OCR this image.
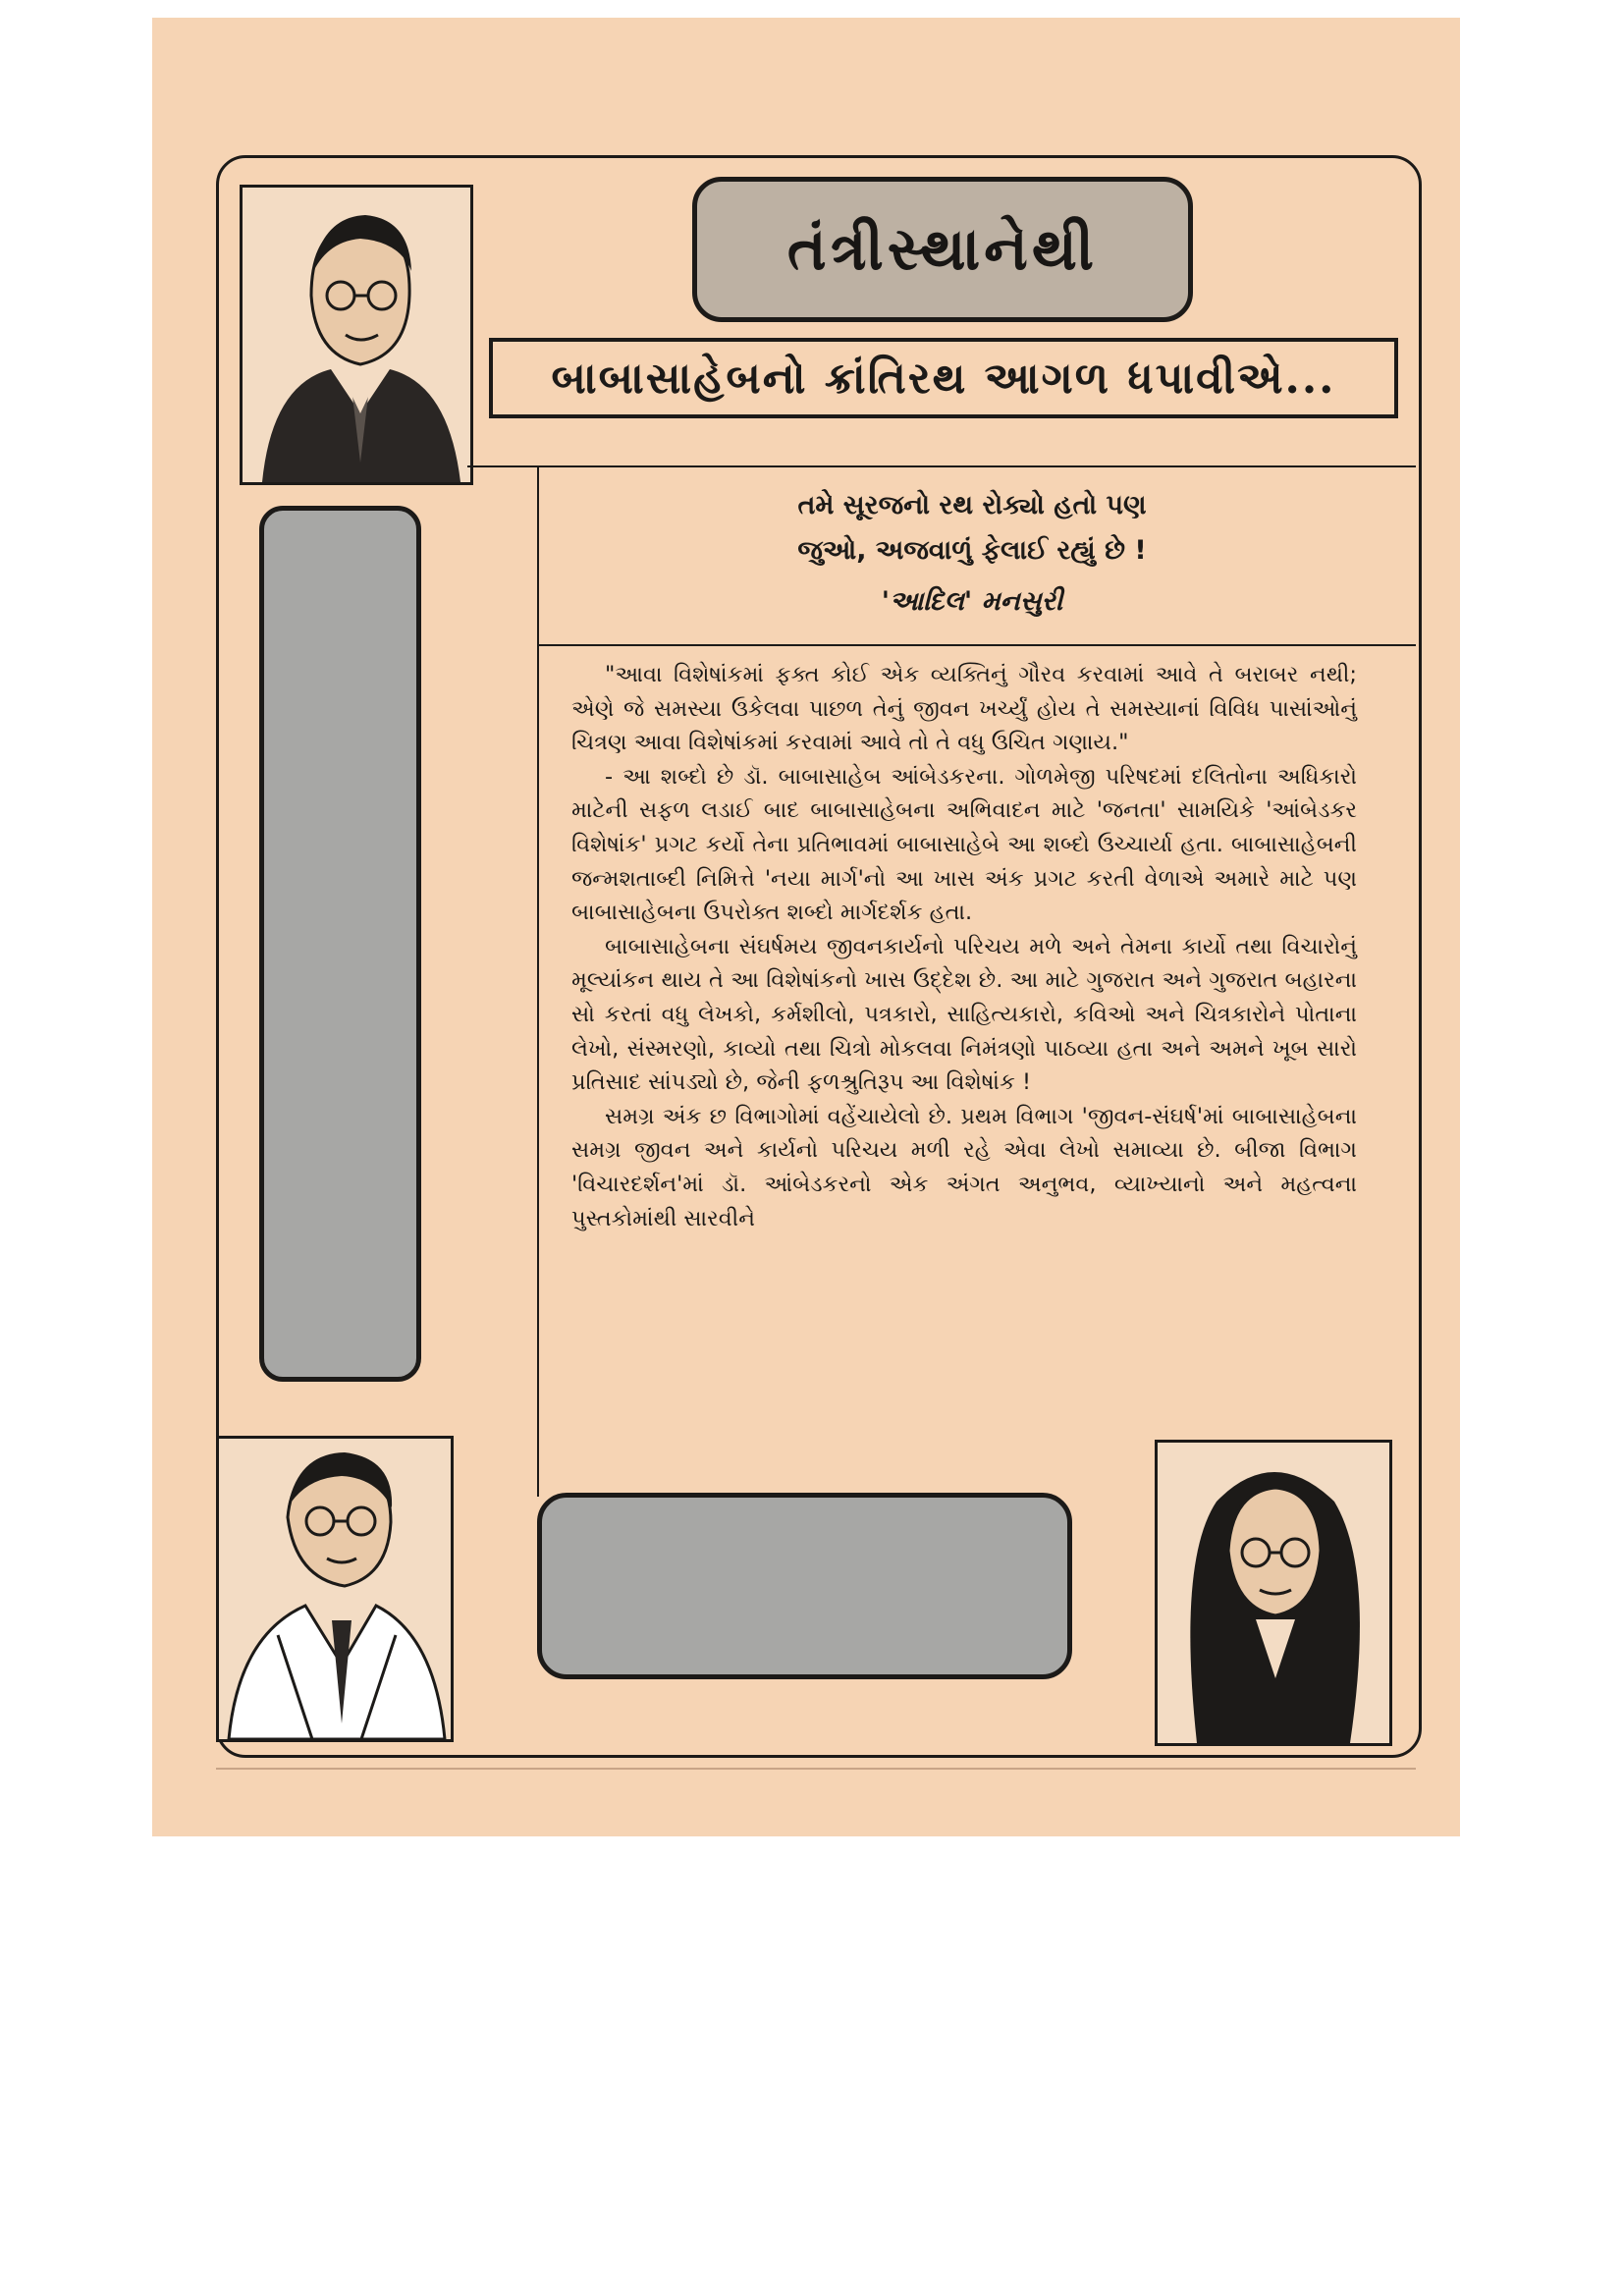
તંત્રીસ્થાનેથી
બાબાસાહેબનો ક્રાંતિરથ આગળ ધપાવીએ...
તમે સૂરજનો રથ રોક્યો હતો પણ
જુઓ, અજવાળું ફેલાઈ રહ્યું છે !
'આદિલ' મનસુરી

"આવા વિશેષાંકમાં ફક્ત કોઈ એક વ્યક્તિનું ગૌરવ કરવામાં આવે તે બરાબર નથી; એણે જે સમસ્યા ઉકેલવા પાછળ તેનું જીવન ખર્ચ્યું હોય તે સમસ્યાનાં વિવિધ પાસાંઓનું ચિત્રણ આવા વિશેષાંકમાં કરવામાં આવે તો તે વધુ ઉચિત ગણાય."

- આ શબ્દો છે ડૉ. બાબાસાહેબ આંબેડકરના. ગોળમેજી પરિષદમાં દલિતોના અધિકારો માટેની સફળ લડાઈ બાદ બાબાસાહેબના અભિવાદન માટે 'જનતા' સામયિકે 'આંબેડકર વિશેષાંક' પ્રગટ કર્યો તેના પ્રતિભાવમાં બાબાસાહેબે આ શબ્દો ઉચ્ચાર્યા હતા. બાબાસાહેબની જન્મશતાબ્દી નિમિત્તે 'નયા માર્ગ'નો આ ખાસ અંક પ્રગટ કરતી વેળાએ અમારે માટે પણ બાબાસાહેબના ઉપરોક્ત શબ્દો માર્ગદર્શક હતા.

બાબાસાહેબના સંઘર્ષમય જીવનકાર્યનો પરિચય મળે અને તેમના કાર્યો તથા વિચારોનું મૂલ્યાંકન થાય તે આ વિશેષાંકનો ખાસ ઉદ્દેશ છે. આ માટે ગુજરાત અને ગુજરાત બહારના સો કરતાં વધુ લેખકો, કર્મશીલો, પત્રકારો, સાહિત્યકારો, કવિઓ અને ચિત્રકારોને પોતાના લેખો, સંસ્મરણો, કાવ્યો તથા ચિત્રો મોકલવા નિમંત્રણો પાઠવ્યા હતા અને અમને ખૂબ સારો પ્રતિસાદ સાંપડ્યો છે, જેની ફળશ્રુતિરૂપ આ વિશેષાંક !

સમગ્ર અંક છ વિભાગોમાં વહેંચાયેલો છે. પ્રથમ વિભાગ 'જીવન-સંઘર્ષ'માં બાબાસાહેબના સમગ્ર જીવન અને કાર્યનો પરિચય મળી રહે એવા લેખો સમાવ્યા છે. બીજા વિભાગ 'વિચારદર્શન'માં ડૉ. આંબેડકરનો એક અંગત અનુભવ, વ્યાખ્યાનો અને મહત્વના પુસ્તકોમાંથી સારવીને
